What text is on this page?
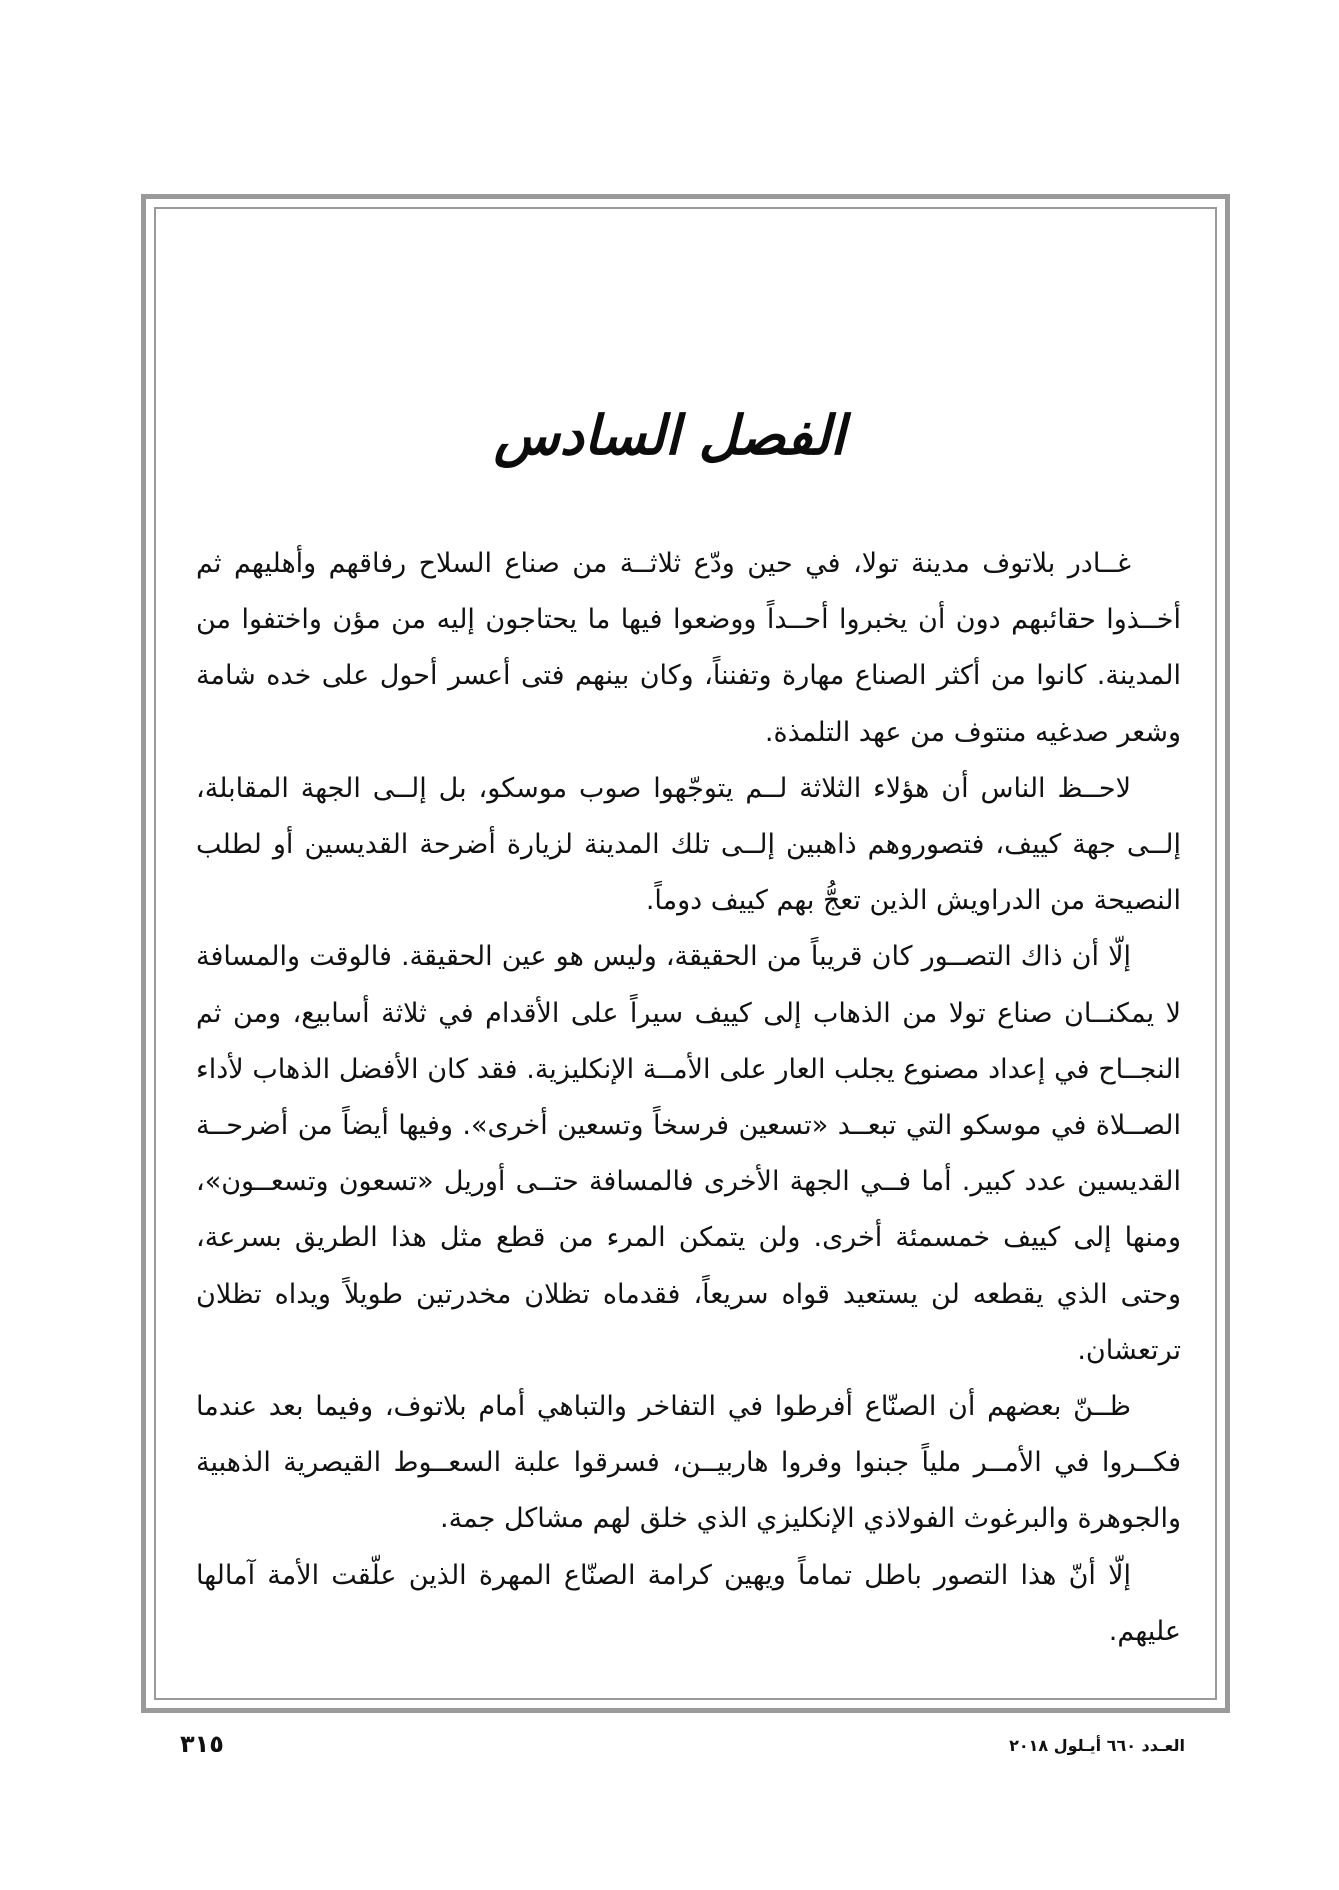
الفصل السادس

غــادر بلاتوف مدينة تولا، في حين ودّع ثلاثــة من صناع السلاح رفاقهم وأهليهم ثم أخــذوا حقائبهم دون أن يخبروا أحــداً ووضعوا فيها ما يحتاجون إليه من مؤن واختفوا من المدينة. كانوا من أكثر الصناع مهارة وتفنناً، وكان بينهم فتى أعسر أحول على خده شامة وشعر صدغيه منتوف من عهد التلمذة.

لاحــظ الناس أن هؤلاء الثلاثة لــم يتوجّهوا صوب موسكو، بل إلــى الجهة المقابلة، إلــى جهة كييف، فتصوروهم ذاهبين إلــى تلك المدينة لزيارة أضرحة القديسين أو لطلب النصيحة من الدراويش الذين تعجُّ بهم كييف دوماً.

إلّا أن ذاك التصــور كان قريباً من الحقيقة، وليس هو عين الحقيقة. فالوقت والمسافة لا يمكنــان صناع تولا من الذهاب إلى كييف سيراً على الأقدام في ثلاثة أسابيع، ومن ثم النجــاح في إعداد مصنوع يجلب العار على الأمــة الإنكليزية. فقد كان الأفضل الذهاب لأداء الصــلاة في موسكو التي تبعــد «تسعين فرسخاً وتسعين أخرى». وفيها أيضاً من أضرحــة القديسين عدد كبير. أما فــي الجهة الأخرى فالمسافة حتــى أوريل «تسعون وتسعــون»، ومنها إلى كييف خمسمئة أخرى. ولن يتمكن المرء من قطع مثل هذا الطريق بسرعة، وحتى الذي يقطعه لن يستعيد قواه سريعاً، فقدماه تظلان مخدرتين طويلاً ويداه تظلان ترتعشان.

ظــنّ بعضهم أن الصنّاع أفرطوا في التفاخر والتباهي أمام بلاتوف، وفيما بعد عندما فكــروا في الأمــر ملياً جبنوا وفروا هاربيــن، فسرقوا علبة السعــوط القيصرية الذهبية والجوهرة والبرغوث الفولاذي الإنكليزي الذي خلق لهم مشاكل جمة.

إلّا أنّ هذا التصور باطل تماماً ويهين كرامة الصنّاع المهرة الذين علّقت الأمة آمالها عليهم.

٣١٥	العـدد ٦٦٠ أيـلول ٢٠١٨
